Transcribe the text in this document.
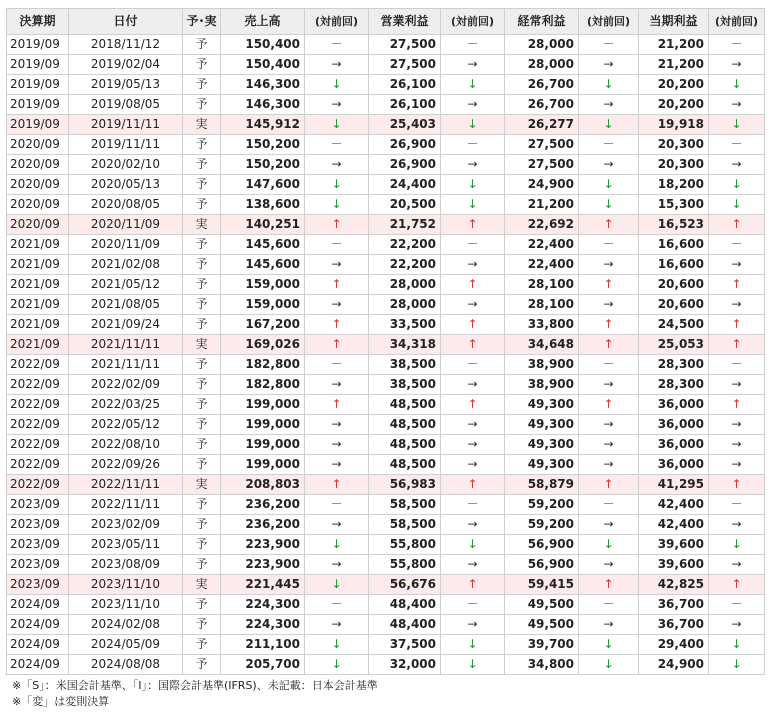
決算期	日付	予･実	売上高	(対前回)	営業利益	(対前回)	経常利益	(対前回)	当期利益	(対前回)
2019/09	2018/11/12	予	150,400	－	27,500	－	28,000	－	21,200	－
2019/09	2019/02/04	予	150,400	→	27,500	→	28,000	→	21,200	→
2019/09	2019/05/13	予	146,300	↓	26,100	↓	26,700	↓	20,200	↓
2019/09	2019/08/05	予	146,300	→	26,100	→	26,700	→	20,200	→
2019/09	2019/11/11	実	145,912	↓	25,403	↓	26,277	↓	19,918	↓
2020/09	2019/11/11	予	150,200	－	26,900	－	27,500	－	20,300	－
2020/09	2020/02/10	予	150,200	→	26,900	→	27,500	→	20,300	→
2020/09	2020/05/13	予	147,600	↓	24,400	↓	24,900	↓	18,200	↓
2020/09	2020/08/05	予	138,600	↓	20,500	↓	21,200	↓	15,300	↓
2020/09	2020/11/09	実	140,251	↑	21,752	↑	22,692	↑	16,523	↑
2021/09	2020/11/09	予	145,600	－	22,200	－	22,400	－	16,600	－
2021/09	2021/02/08	予	145,600	→	22,200	→	22,400	→	16,600	→
2021/09	2021/05/12	予	159,000	↑	28,000	↑	28,100	↑	20,600	↑
2021/09	2021/08/05	予	159,000	→	28,000	→	28,100	→	20,600	→
2021/09	2021/09/24	予	167,200	↑	33,500	↑	33,800	↑	24,500	↑
2021/09	2021/11/11	実	169,026	↑	34,318	↑	34,648	↑	25,053	↑
2022/09	2021/11/11	予	182,800	－	38,500	－	38,900	－	28,300	－
2022/09	2022/02/09	予	182,800	→	38,500	→	38,900	→	28,300	→
2022/09	2022/03/25	予	199,000	↑	48,500	↑	49,300	↑	36,000	↑
2022/09	2022/05/12	予	199,000	→	48,500	→	49,300	→	36,000	→
2022/09	2022/08/10	予	199,000	→	48,500	→	49,300	→	36,000	→
2022/09	2022/09/26	予	199,000	→	48,500	→	49,300	→	36,000	→
2022/09	2022/11/11	実	208,803	↑	56,983	↑	58,879	↑	41,295	↑
2023/09	2022/11/11	予	236,200	－	58,500	－	59,200	－	42,400	－
2023/09	2023/02/09	予	236,200	→	58,500	→	59,200	→	42,400	→
2023/09	2023/05/11	予	223,900	↓	55,800	↓	56,900	↓	39,600	↓
2023/09	2023/08/09	予	223,900	→	55,800	→	56,900	→	39,600	→
2023/09	2023/11/10	実	221,445	↓	56,676	↑	59,415	↑	42,825	↑
2024/09	2023/11/10	予	224,300	－	48,400	－	49,500	－	36,700	－
2024/09	2024/02/08	予	224,300	→	48,400	→	49,500	→	36,700	→
2024/09	2024/05/09	予	211,100	↓	37,500	↓	39,700	↓	29,400	↓
2024/09	2024/08/08	予	205,700	↓	32,000	↓	34,800	↓	24,900	↓
※「S」：米国会計基準、「I」：国際会計基準(IFRS)、未記載：日本会計基準
※「変」は変則決算
